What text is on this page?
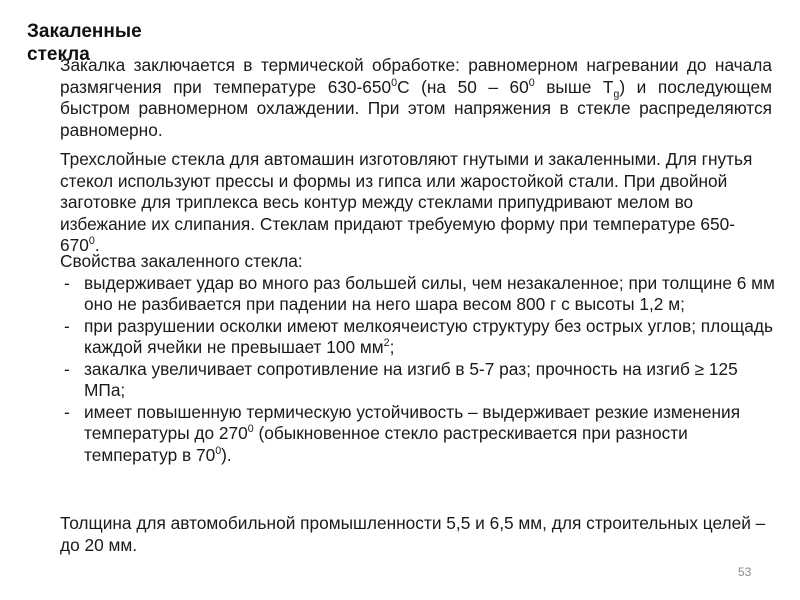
Закаленные стекла

Закалка заключается в термической обработке: равномерном нагревании до начала размягчения при температуре $630-650^0С$ (на $50 - 60^0$ выше $Т_g$) и последующем быстром равномерном охлаждении. При этом напряжения в стекле распределяются равномерно.

Трехслойные стекла для автомашин изготовляют гнутыми и закаленными. Для гнутья стекол используют прессы и формы из гипса или жаростойкой стали. При двойной заготовке для триплекса весь контур между стеклами припудривают мелом во избежание их слипания. Стеклам придают требуемую форму при температуре $650-670^0$.

Свойства закаленного стекла:
- выдерживает удар во много раз большей силы, чем незакаленное; при толщине 6 мм оно не разбивается при падении на него шара весом 800 г с высоты 1,2 м;
- при разрушении осколки имеют мелкоячеистую структуру без острых углов; площадь каждой ячейки не превышает 100 $мм^2$;
- закалка увеличивает сопротивление на изгиб в 5-7 раз; прочность на изгиб ≥ 125 МПа;
- имеет повышенную термическую устойчивость – выдерживает резкие изменения температуры до $270^0$ (обыкновенное стекло растрескивается при разности температур в $70^0$).

Толщина для автомобильной промышленности 5,5 и 6,5 мм, для строительных целей – до 20 мм.

53
